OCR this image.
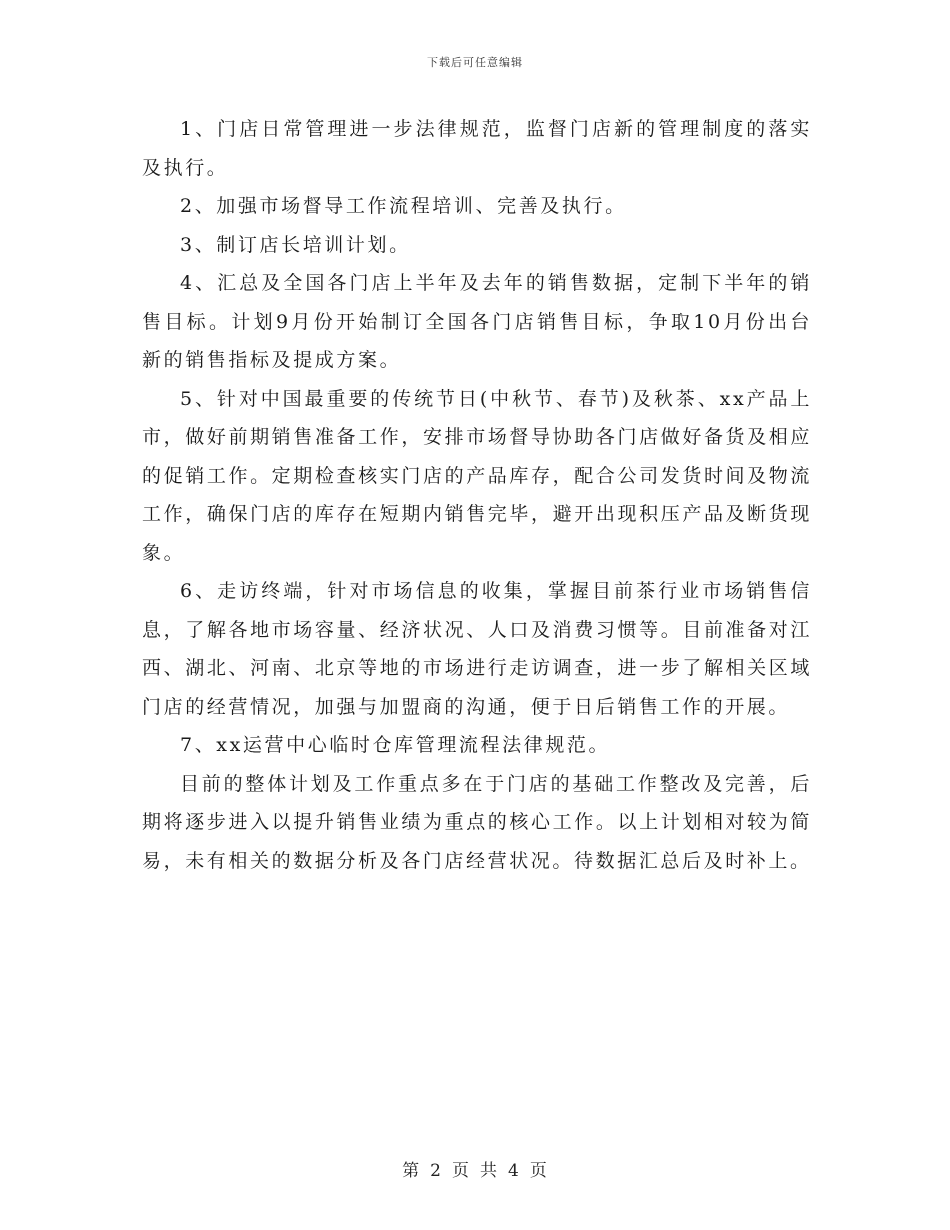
下载后可任意编辑

1、门店日常管理进一步法律规范，监督门店新的管理制度的落实及执行。

2、加强市场督导工作流程培训、完善及执行。

3、制订店长培训计划。

4、汇总及全国各门店上半年及去年的销售数据，定制下半年的销售目标。计划9月份开始制订全国各门店销售目标，争取10月份出台新的销售指标及提成方案。

5、针对中国最重要的传统节日(中秋节、春节)及秋茶、xx产品上市，做好前期销售准备工作，安排市场督导协助各门店做好备货及相应的促销工作。定期检查核实门店的产品库存，配合公司发货时间及物流工作，确保门店的库存在短期内销售完毕，避开出现积压产品及断货现象。

6、走访终端，针对市场信息的收集，掌握目前茶行业市场销售信息，了解各地市场容量、经济状况、人口及消费习惯等。目前准备对江西、湖北、河南、北京等地的市场进行走访调查，进一步了解相关区域门店的经营情况，加强与加盟商的沟通，便于日后销售工作的开展。

7、xx运营中心临时仓库管理流程法律规范。

目前的整体计划及工作重点多在于门店的基础工作整改及完善，后期将逐步进入以提升销售业绩为重点的核心工作。以上计划相对较为简易，未有相关的数据分析及各门店经营状况。待数据汇总后及时补上。

第 2 页 共 4 页
